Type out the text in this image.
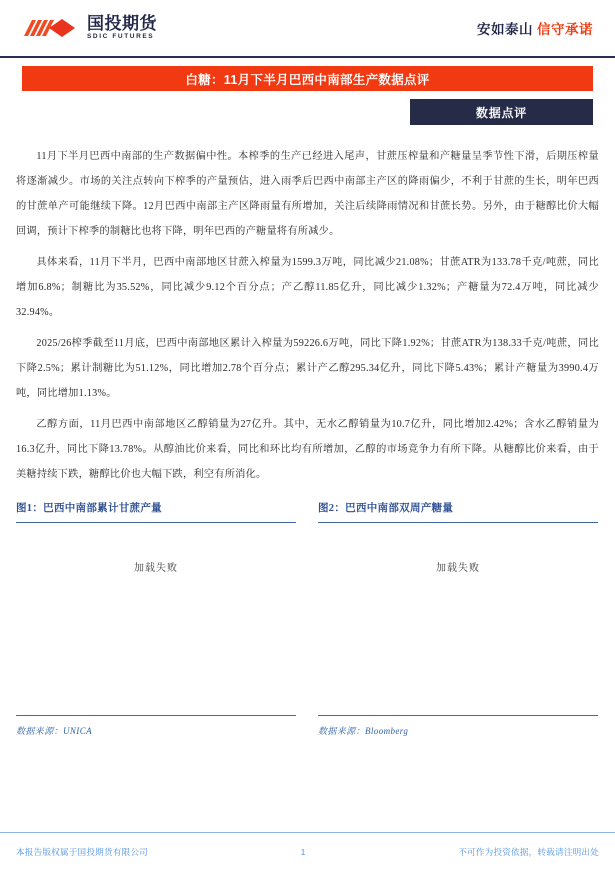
国投期货
SDIC FUTURES	安如泰山 信守承诺
白糖：11月下半月巴西中南部生产数据点评
数据点评

11月下半月巴西中南部的生产数据偏中性。本榨季的生产已经进入尾声，甘蔗压榨量和产糖量呈季节性下滑，后期压榨量将逐渐减少。市场的关注点转向下榨季的产量预估，进入雨季后巴西中南部主产区的降雨偏少，不利于甘蔗的生长，明年巴西的甘蔗单产可能继续下降。12月巴西中南部主产区降雨量有所增加，关注后续降雨情况和甘蔗长势。另外，由于糖醇比价大幅回调，预计下榨季的制糖比也将下降，明年巴西的产糖量将有所减少。

具体来看，11月下半月，巴西中南部地区甘蔗入榨量为1599.3万吨，同比减少21.08%；甘蔗ATR为133.78千克/吨蔗，同比增加6.8%；制糖比为35.52%，同比减少9.12个百分点；产乙醇11.85亿升，同比减少1.32%；产糖量为72.4万吨，同比减少32.94%。

2025/26榨季截至11月底，巴西中南部地区累计入榨量为59226.6万吨，同比下降1.92%；甘蔗ATR为138.33千克/吨蔗，同比下降2.5%；累计制糖比为51.12%，同比增加2.78个百分点；累计产乙醇295.34亿升，同比下降5.43%；累计产糖量为3990.4万吨，同比增加1.13%。

乙醇方面，11月巴西中南部地区乙醇销量为27亿升。其中，无水乙醇销量为10.7亿升，同比增加2.42%；含水乙醇销量为16.3亿升，同比下降13.78%。从醇油比价来看，同比和环比均有所增加，乙醇的市场竞争力有所下降。从糖醇比价来看，由于美糖持续下跌，糖醇比价也大幅下跌，利空有所消化。

图1：巴西中南部累计甘蔗产量
加载失败
数据来源：UNICA
图2：巴西中南部双周产糖量
加载失败
数据来源：Bloomberg
本报告版权属于国投期货有限公司	1	不可作为投资依据，转载请注明出处
